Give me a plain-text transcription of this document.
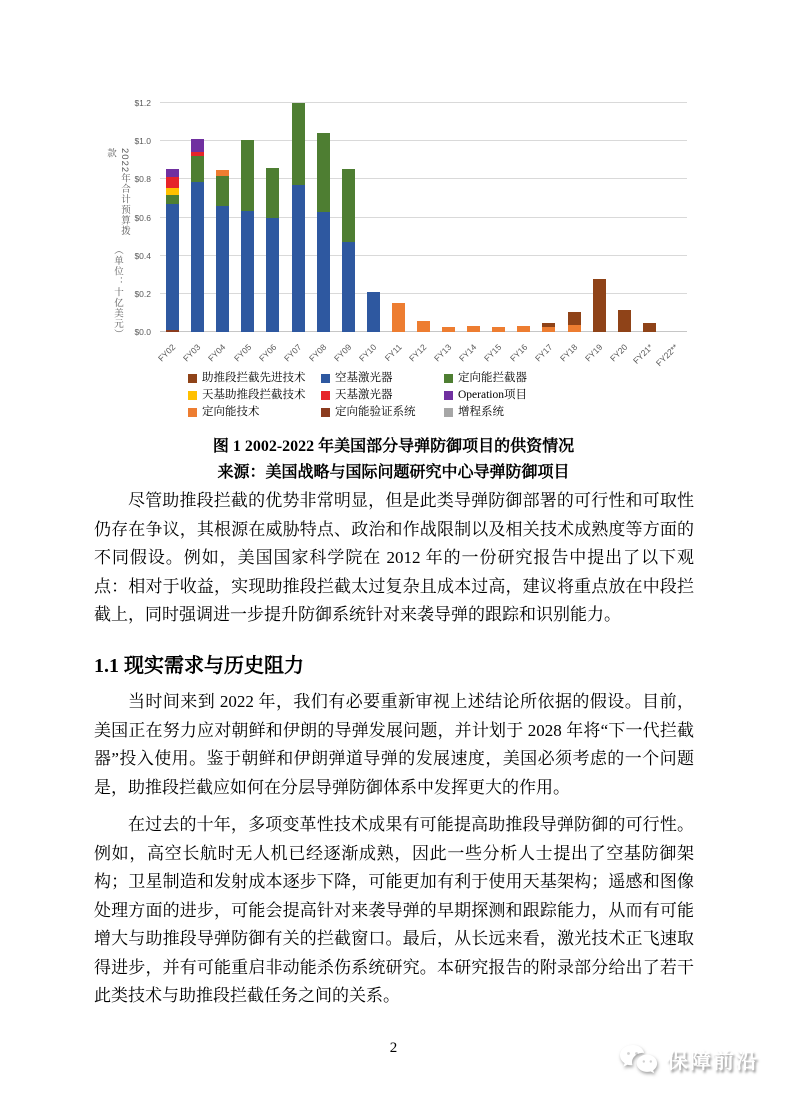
2022年合计预算拨款
（单位：十亿美元）	$0.0
$0.2
$0.4
$0.6
$0.8
$1.0
$1.2
FY02 FY03 FY04 FY05 FY06 FY07 FY08 FY09 FY10 FY11 FY12 FY13 FY14 FY15 FY16 FY17 FY18 FY19 FY20 FY21*
FY22**
助推段拦截先进技术	空基激光器	定向能拦截器
天基助推段拦截技术	天基激光器	Operation项目
定向能技术	定向能验证系统	增程系统
图 1 2002-2022 年美国部分导弹防御项目的供资情况
来源：美国战略与国际问题研究中心导弹防御项目

尽管助推段拦截的优势非常明显，但是此类导弹防御部署的可行性和可取性仍存在争议，其根源在威胁特点、政治和作战限制以及相关技术成熟度等方面的不同假设。例如，美国国家科学院在 2012 年的一份研究报告中提出了以下观点：相对于收益，实现助推段拦截太过复杂且成本过高，建议将重点放在中段拦截上，同时强调进一步提升防御系统针对来袭导弹的跟踪和识别能力。

1.1 现实需求与历史阻力

当时间来到 2022 年，我们有必要重新审视上述结论所依据的假设。目前，美国正在努力应对朝鲜和伊朗的导弹发展问题，并计划于 2028 年将“下一代拦截器”投入使用。鉴于朝鲜和伊朗弹道导弹的发展速度，美国必须考虑的一个问题是，助推段拦截应如何在分层导弹防御体系中发挥更大的作用。

在过去的十年，多项变革性技术成果有可能提高助推段导弹防御的可行性。例如，高空长航时无人机已经逐渐成熟，因此一些分析人士提出了空基防御架构；卫星制造和发射成本逐步下降，可能更加有利于使用天基架构；遥感和图像处理方面的进步，可能会提高针对来袭导弹的早期探测和跟踪能力，从而有可能增大与助推段导弹防御有关的拦截窗口。最后，从长远来看，激光技术正飞速取得进步，并有可能重启非动能杀伤系统研究。本研究报告的附录部分给出了若干此类技术与助推段拦截任务之间的关系。

2
保障前沿
